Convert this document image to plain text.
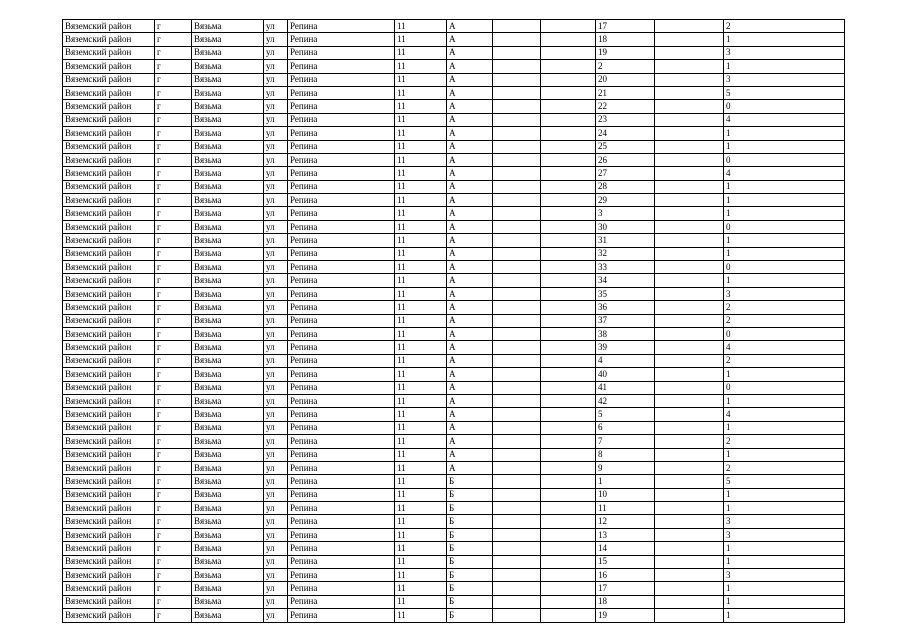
Вяземский район	г	Вязьма	ул	Репина	11	А			17		2
Вяземский район	г	Вязьма	ул	Репина	11	А			18		1
Вяземский район	г	Вязьма	ул	Репина	11	А			19		3
Вяземский район	г	Вязьма	ул	Репина	11	А			2		1
Вяземский район	г	Вязьма	ул	Репина	11	А			20		3
Вяземский район	г	Вязьма	ул	Репина	11	А			21		5
Вяземский район	г	Вязьма	ул	Репина	11	А			22		0
Вяземский район	г	Вязьма	ул	Репина	11	А			23		4
Вяземский район	г	Вязьма	ул	Репина	11	А			24		1
Вяземский район	г	Вязьма	ул	Репина	11	А			25		1
Вяземский район	г	Вязьма	ул	Репина	11	А			26		0
Вяземский район	г	Вязьма	ул	Репина	11	А			27		4
Вяземский район	г	Вязьма	ул	Репина	11	А			28		1
Вяземский район	г	Вязьма	ул	Репина	11	А			29		1
Вяземский район	г	Вязьма	ул	Репина	11	А			3		1
Вяземский район	г	Вязьма	ул	Репина	11	А			30		0
Вяземский район	г	Вязьма	ул	Репина	11	А			31		1
Вяземский район	г	Вязьма	ул	Репина	11	А			32		1
Вяземский район	г	Вязьма	ул	Репина	11	А			33		0
Вяземский район	г	Вязьма	ул	Репина	11	А			34		1
Вяземский район	г	Вязьма	ул	Репина	11	А			35		3
Вяземский район	г	Вязьма	ул	Репина	11	А			36		2
Вяземский район	г	Вязьма	ул	Репина	11	А			37		2
Вяземский район	г	Вязьма	ул	Репина	11	А			38		0
Вяземский район	г	Вязьма	ул	Репина	11	А			39		4
Вяземский район	г	Вязьма	ул	Репина	11	А			4		2
Вяземский район	г	Вязьма	ул	Репина	11	А			40		1
Вяземский район	г	Вязьма	ул	Репина	11	А			41		0
Вяземский район	г	Вязьма	ул	Репина	11	А			42		1
Вяземский район	г	Вязьма	ул	Репина	11	А			5		4
Вяземский район	г	Вязьма	ул	Репина	11	А			6		1
Вяземский район	г	Вязьма	ул	Репина	11	А			7		2
Вяземский район	г	Вязьма	ул	Репина	11	А			8		1
Вяземский район	г	Вязьма	ул	Репина	11	А			9		2
Вяземский район	г	Вязьма	ул	Репина	11	Б			1		5
Вяземский район	г	Вязьма	ул	Репина	11	Б			10		1
Вяземский район	г	Вязьма	ул	Репина	11	Б			11		1
Вяземский район	г	Вязьма	ул	Репина	11	Б			12		3
Вяземский район	г	Вязьма	ул	Репина	11	Б			13		3
Вяземский район	г	Вязьма	ул	Репина	11	Б			14		1
Вяземский район	г	Вязьма	ул	Репина	11	Б			15		1
Вяземский район	г	Вязьма	ул	Репина	11	Б			16		3
Вяземский район	г	Вязьма	ул	Репина	11	Б			17		1
Вяземский район	г	Вязьма	ул	Репина	11	Б			18		1
Вяземский район	г	Вязьма	ул	Репина	11	Б			19		1
